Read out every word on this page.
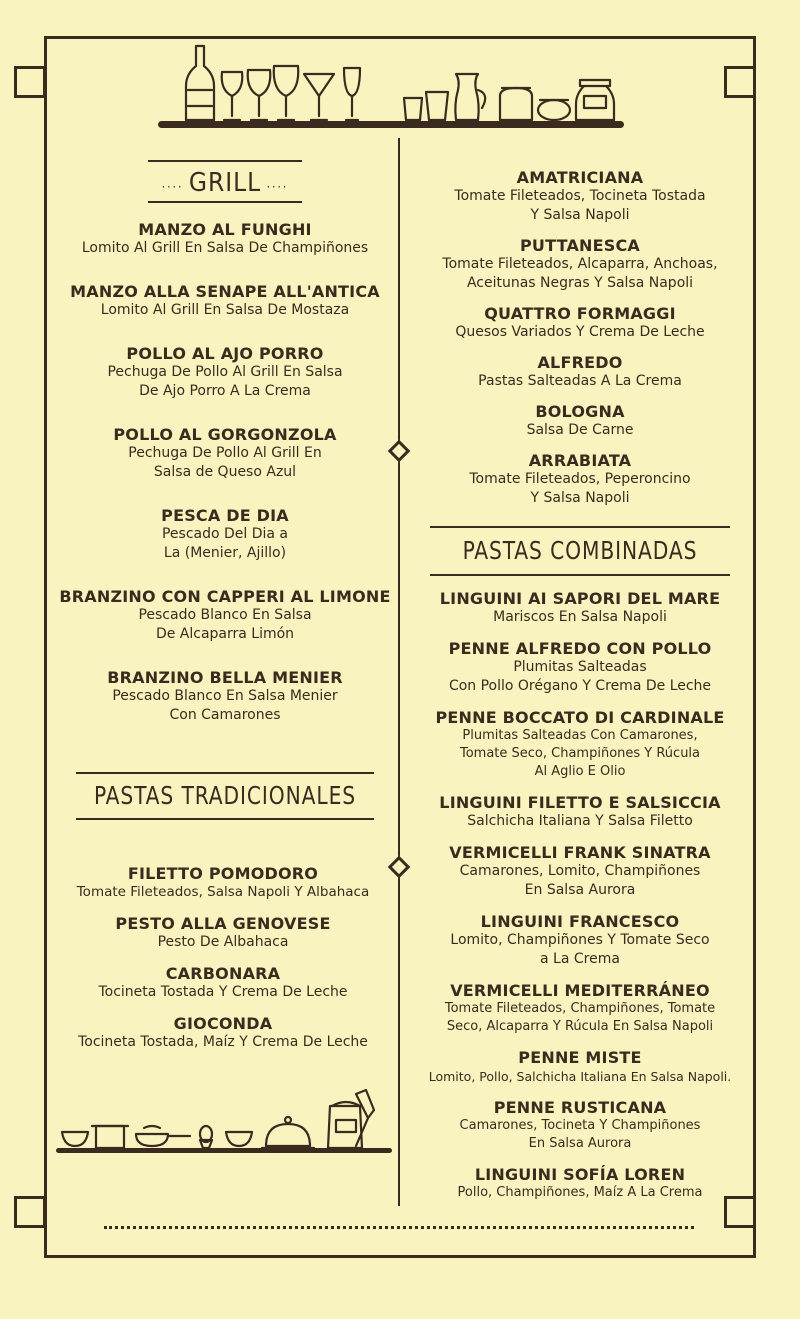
.... GRILL ....
MANZO AL FUNGHI
Lomito Al Grill En Salsa De Champiñones
MANZO ALLA SENAPE ALL'ANTICA
Lomito Al Grill En Salsa De Mostaza
POLLO AL AJO PORRO
Pechuga De Pollo Al Grill En Salsa
De Ajo Porro A La Crema
POLLO AL GORGONZOLA
Pechuga De Pollo Al Grill En
Salsa de Queso Azul
PESCA DE DIA
Pescado Del Dia a
La (Menier, Ajillo)
BRANZINO CON CAPPERI AL LIMONE
Pescado Blanco En Salsa
De Alcaparra Limón
BRANZINO BELLA MENIER
Pescado Blanco En Salsa Menier
Con Camarones
PASTAS TRADICIONALES
FILETTO POMODORO
Tomate Fileteados, Salsa Napoli Y Albahaca
PESTO ALLA GENOVESE
Pesto De Albahaca
CARBONARA
Tocineta Tostada Y Crema De Leche
GIOCONDA
Tocineta Tostada, Maíz Y Crema De Leche
AMATRICIANA
Tomate Fileteados, Tocineta Tostada
Y Salsa Napoli
PUTTANESCA
Tomate Fileteados, Alcaparra, Anchoas,
Aceitunas Negras Y Salsa Napoli
QUATTRO FORMAGGI
Quesos Variados Y Crema De Leche
ALFREDO
Pastas Salteadas A La Crema
BOLOGNA
Salsa De Carne
ARRABIATA
Tomate Fileteados, Peperoncino
Y Salsa Napoli
PASTAS COMBINADAS
LINGUINI AI SAPORI DEL MARE
Mariscos En Salsa Napoli
PENNE ALFREDO CON POLLO
Plumitas Salteadas
Con Pollo Orégano Y Crema De Leche
PENNE BOCCATO DI CARDINALE
Plumitas Salteadas Con Camarones,
Tomate Seco, Champiñones Y Rúcula
Al Aglio E Olio
LINGUINI FILETTO E SALSICCIA
Salchicha Italiana Y Salsa Filetto
VERMICELLI FRANK SINATRA
Camarones, Lomito, Champiñones
En Salsa Aurora
LINGUINI FRANCESCO
Lomito, Champiñones Y Tomate Seco
a La Crema
VERMICELLI MEDITERRÁNEO
Tomate Fileteados, Champiñones, Tomate
Seco, Alcaparra Y Rúcula En Salsa Napoli
PENNE MISTE
Lomito, Pollo, Salchicha Italiana En Salsa Napoli.
PENNE RUSTICANA
Camarones, Tocineta Y Champiñones
En Salsa Aurora
LINGUINI SOFÍA LOREN
Pollo, Champiñones, Maíz A La Crema
